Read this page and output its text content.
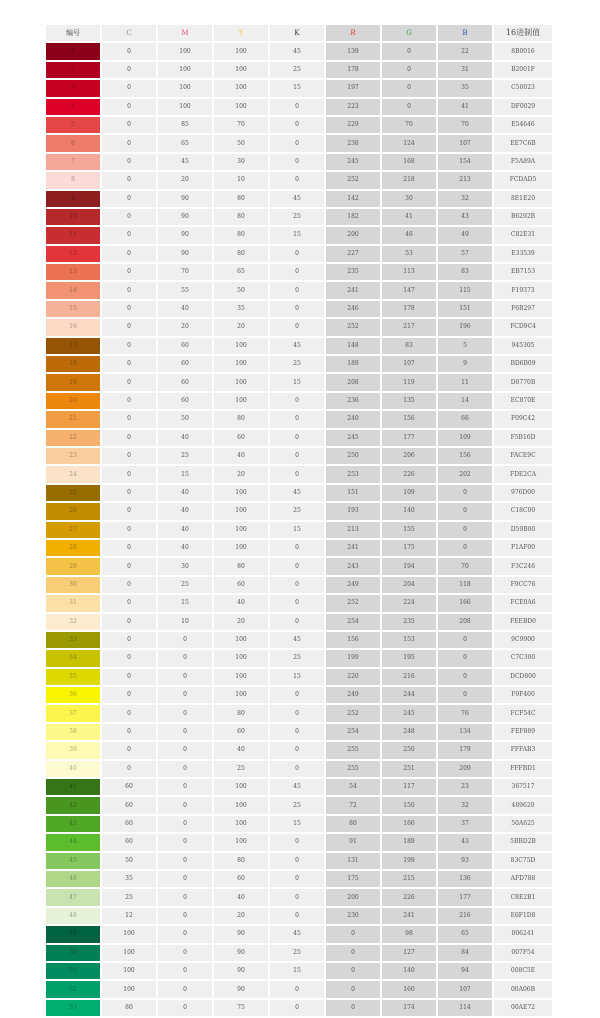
编号	C	M	Y	K	R	G	B	16进制值
1	0	100	100	45	139	0	22	8B0016
2	0	100	100	25	178	0	31	B2001F
3	0	100	100	15	197	0	35	C50023
4	0	100	100	0	223	0	41	DF0029
5	0	85	70	0	229	70	70	E54646
6	0	65	50	0	238	124	107	EE7C6B
7	0	45	30	0	245	168	154	F5A89A
8	0	20	10	0	252	218	213	FCDAD5
9	0	90	80	45	142	30	32	8E1E20
10	0	90	80	25	182	41	43	B6292B
11	0	90	80	15	200	46	49	C82E31
12	0	90	80	0	227	53	57	E33539
13	0	70	65	0	235	113	83	EB7153
14	0	55	50	0	241	147	115	F19373
15	0	40	35	0	246	178	151	F6B297
16	0	20	20	0	252	217	196	FCD9C4
17	0	60	100	45	148	83	5	945305
18	0	60	100	25	189	107	9	BD6B09
19	0	60	100	15	208	119	11	D0770B
20	0	60	100	0	236	135	14	EC870E
21	0	50	80	0	240	156	66	F09C42
22	0	40	60	0	245	177	109	F5B16D
23	0	25	40	0	250	206	156	FACE9C
24	0	15	20	0	253	226	202	FDE2CA
25	0	40	100	45	151	109	0	976D00
26	0	40	100	25	193	140	0	C18C00
27	0	40	100	15	213	155	0	D59B00
28	0	40	100	0	241	175	0	F1AF00
29	0	30	80	0	243	194	70	F3C246
30	0	25	60	0	249	204	118	F9CC76
31	0	15	40	0	252	224	166	FCE0A6
32	0	10	20	0	254	235	208	FEEBD0
33	0	0	100	45	156	153	0	9C9900
34	0	0	100	25	199	195	0	C7C300
35	0	0	100	15	220	216	0	DCD800
36	0	0	100	0	249	244	0	F9F400
37	0	0	80	0	252	245	76	FCF54C
38	0	0	60	0	254	248	134	FEF889
39	0	0	40	0	255	250	179	FFFAB3
40	0	0	25	0	255	251	209	FFFBD1
41	60	0	100	45	54	117	23	367517
42	60	0	100	25	72	150	32	489620
43	60	0	100	15	80	166	37	50A625
44	60	0	100	0	91	189	43	5BBD2B
45	50	0	80	0	131	199	93	83C75D
46	35	0	60	0	175	215	136	AFD788
47	25	0	40	0	200	226	177	C8E2B1
48	12	0	20	0	230	241	216	E6F1D8
49	100	0	90	45	0	98	65	006241
50	100	0	90	25	0	127	84	007F54
51	100	0	90	15	0	140	94	008C5E
52	100	0	90	0	0	160	107	00A06B
53	80	0	75	0	0	174	114	00AE72
